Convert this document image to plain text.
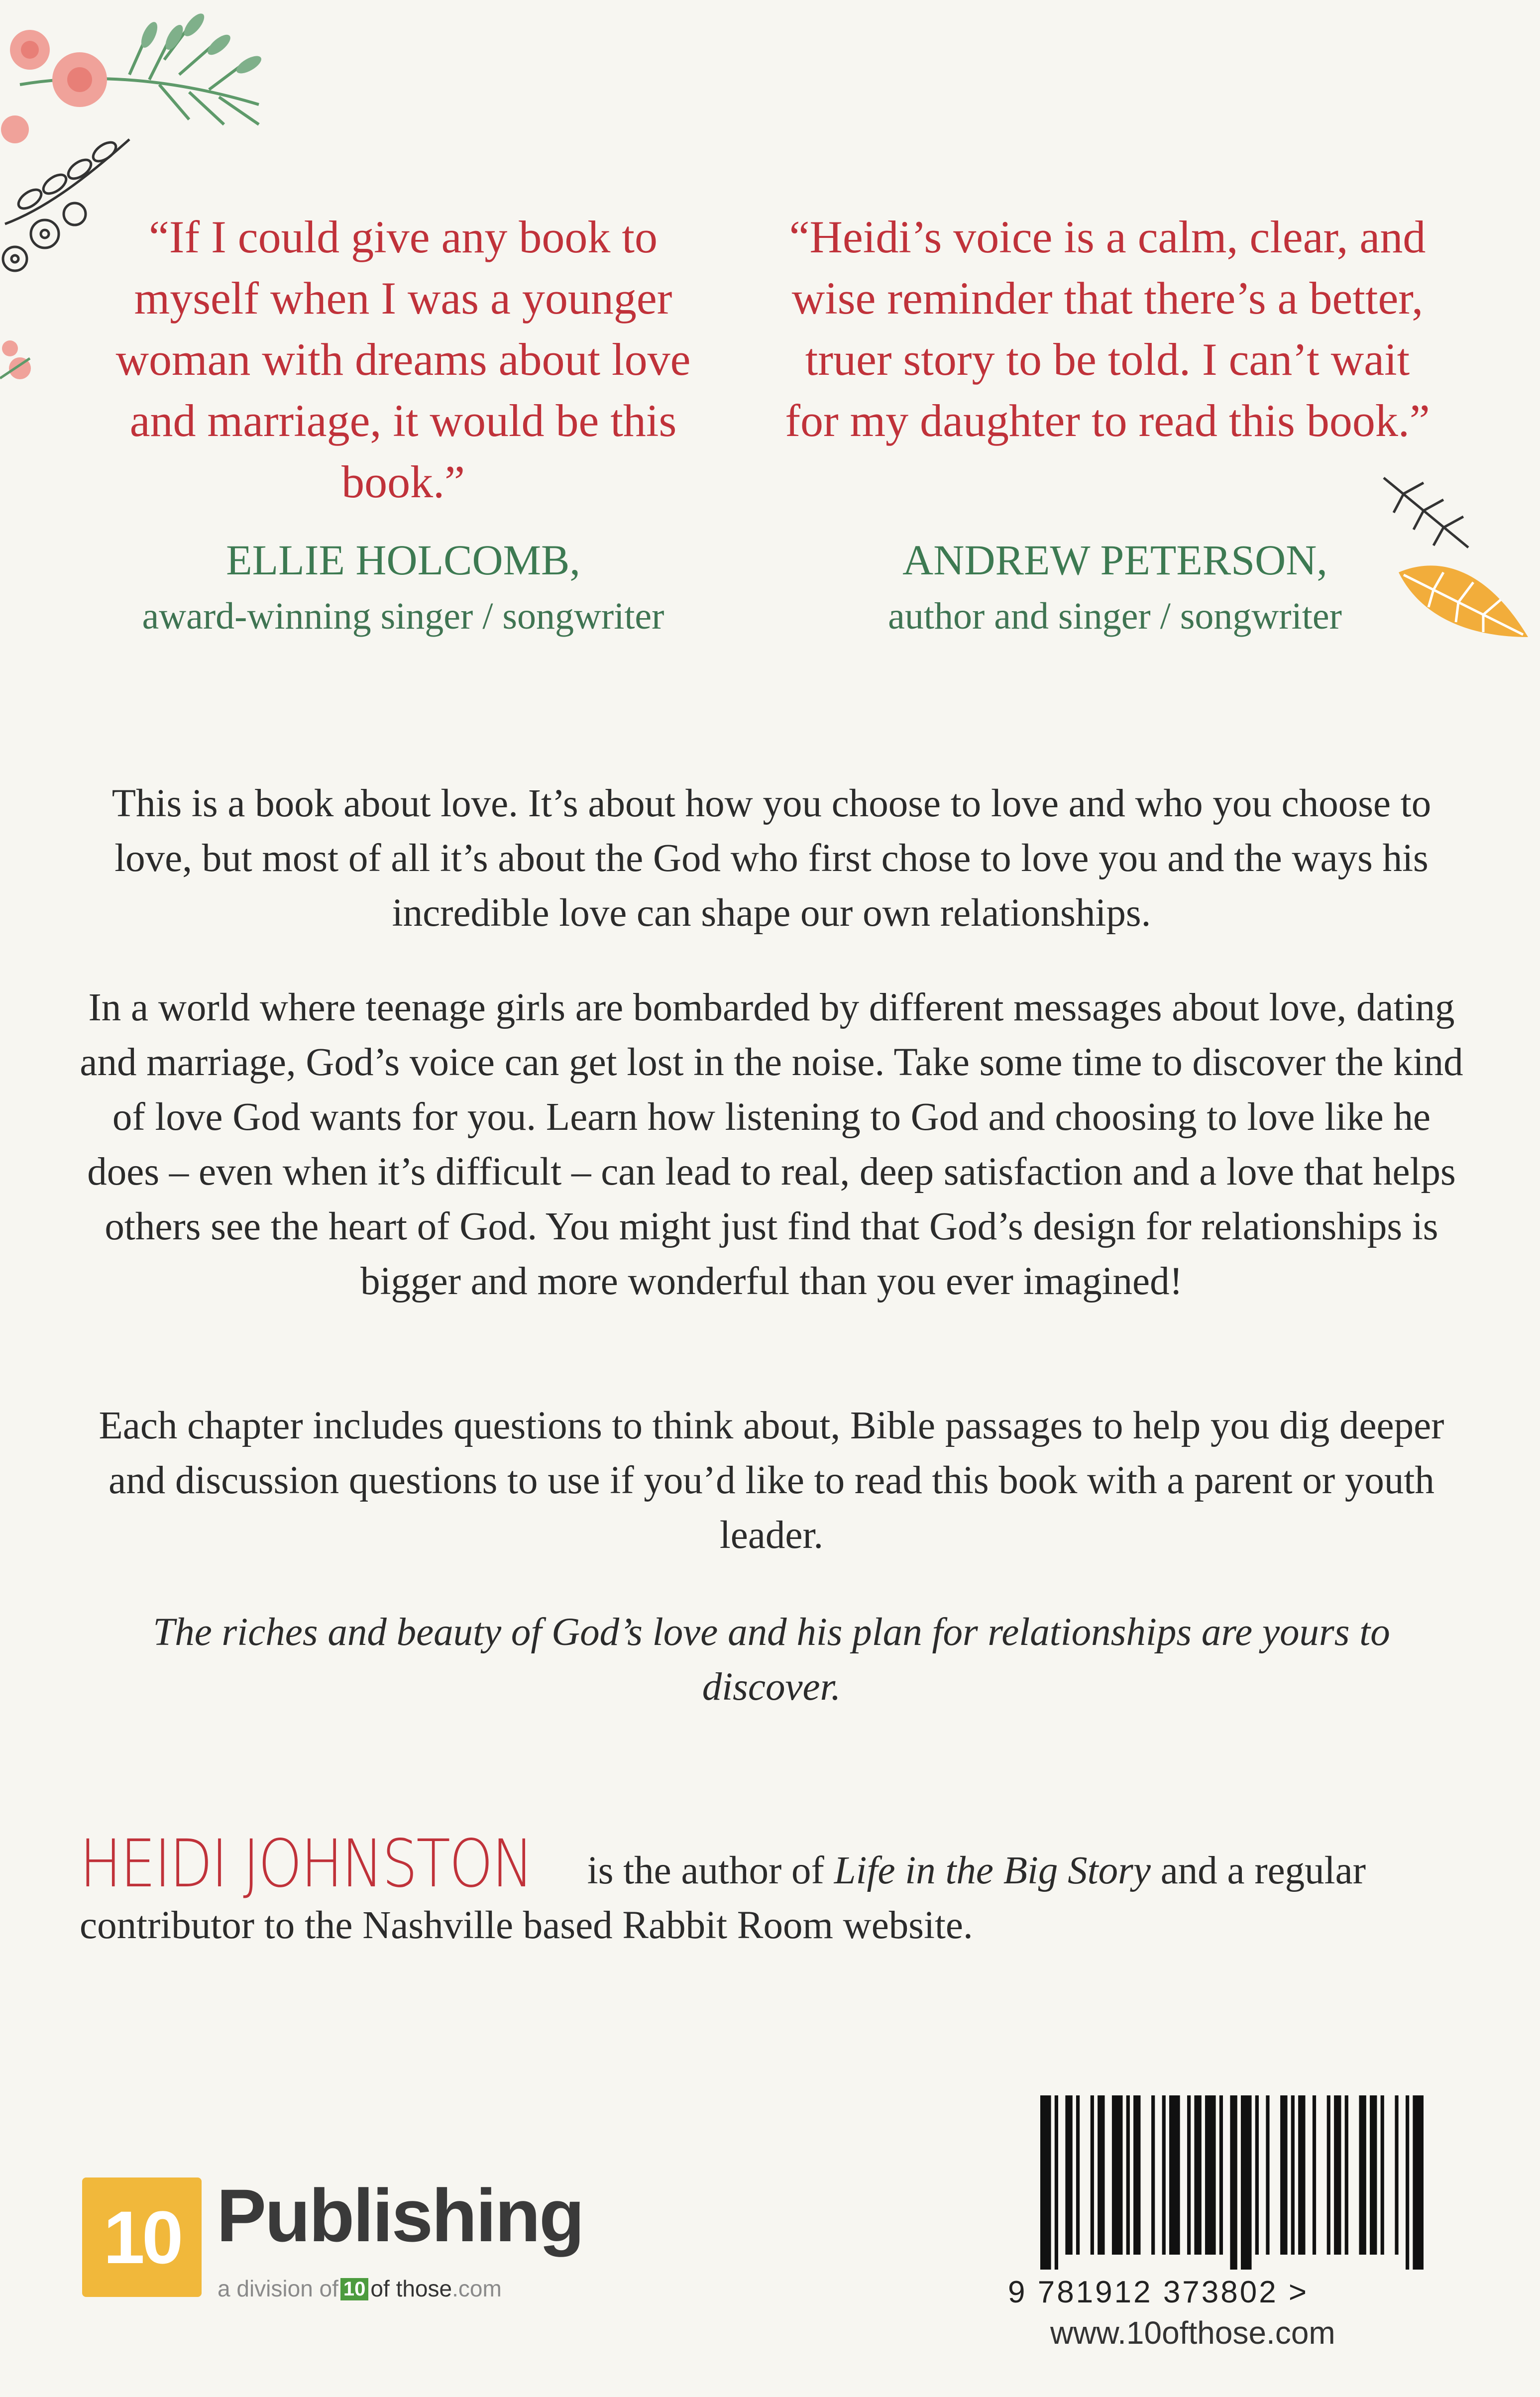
“If I could give any book to myself when I was a younger woman with dreams about love and marriage, it would be this book.”
ELLIE HOLCOMB,
award-winning singer / songwriter
“Heidi’s voice is a calm, clear, and wise reminder that there’s a better, truer story to be told. I can’t wait for my daughter to read this book.”
ANDREW PETERSON,
author and singer / songwriter
This is a book about love. It’s about how you choose to love and who you choose to love, but most of all it’s about the God who first chose to love you and the ways his incredible love can shape our own relationships.
In a world where teenage girls are bombarded by different messages about love, dating and marriage, God’s voice can get lost in the noise. Take some time to discover the kind of love God wants for you. Learn how listening to God and choosing to love like he does – even when it’s difficult – can lead to real, deep satisfaction and a love that helps others see the heart of God. You might just find that God’s design for relationships is bigger and more wonderful than you ever imagined!
Each chapter includes questions to think about, Bible passages to help you dig deeper and discussion questions to use if you’d like to read this book with a parent or youth leader.
The riches and beauty of God’s love and his plan for relationships are yours to discover.
HEIDI JOHNSTON is the author of Life in the Big Story and a regular contributor to the Nashville based Rabbit Room website.
10 Publishing
a division of 10 of those.com	9 781912 373802 >
www.10ofthose.com
